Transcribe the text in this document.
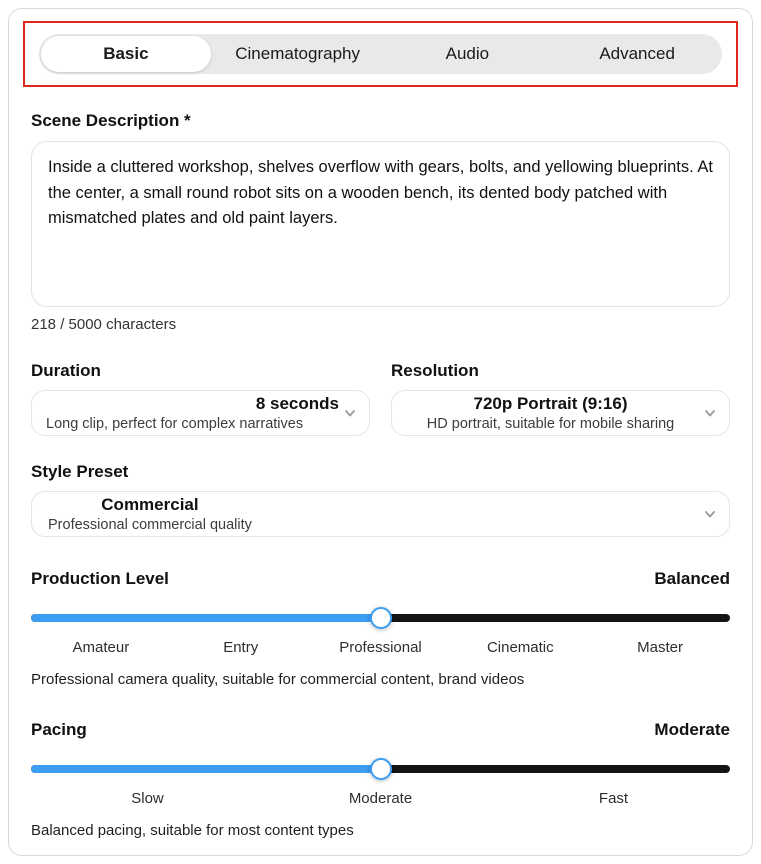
Basic	Cinematography	Audio	Advanced
Scene Description *
Inside a cluttered workshop, shelves overflow with gears, bolts, and yellowing blueprints. At the center, a small round robot sits on a wooden bench, its dented body patched with mismatched plates and old paint layers.
218 / 5000 characters
Duration	Resolution
8 seconds
Long clip, perfect for complex narratives
720p Portrait (9:16)
HD portrait, suitable for mobile sharing
Style Preset
Commercial
Professional commercial quality
Production Level	Balanced
Amateur	Entry	Professional	Cinematic	Master
Professional camera quality, suitable for commercial content, brand videos
Pacing	Moderate
Slow	Moderate	Fast
Balanced pacing, suitable for most content types
